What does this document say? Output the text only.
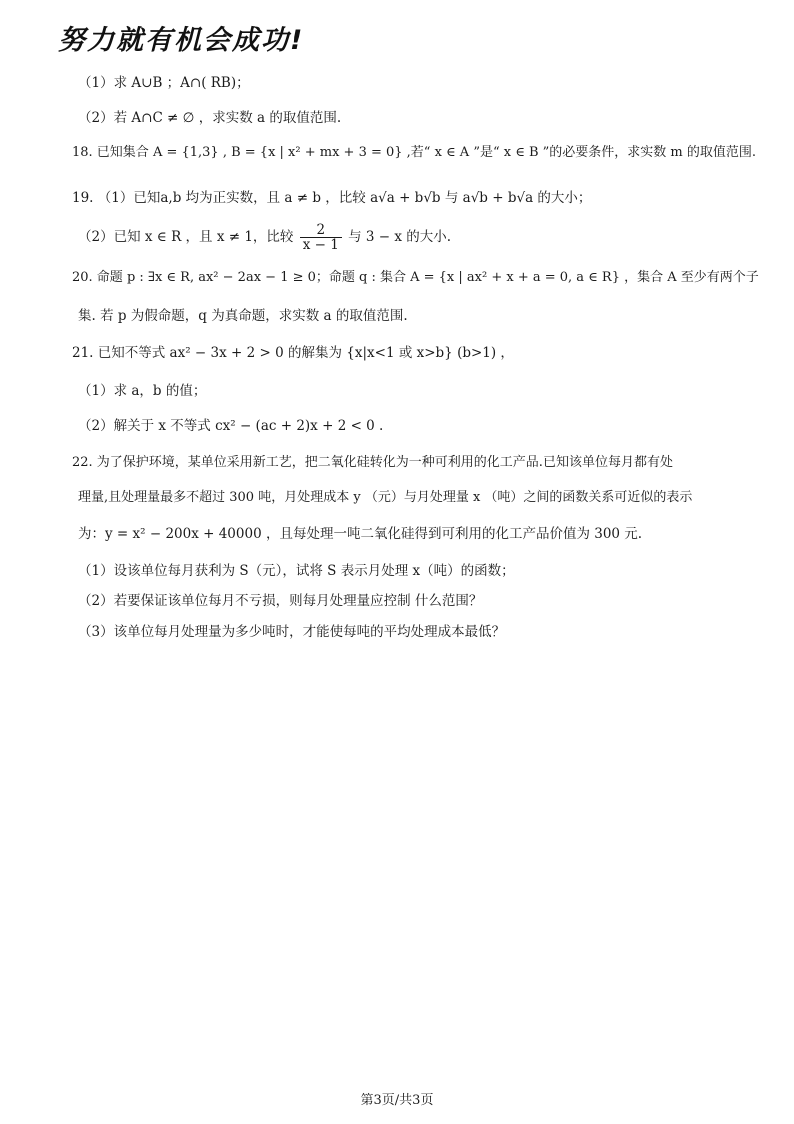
努力就有机会成功!
（1）求 A∪B ；A∩( RB)；
（2）若 A∩C ≠ ∅ ，求实数 a 的取值范围.
18. 已知集合 A = {1,3} , B = {x | x² + mx + 3 = 0} ,若“ x ∈ A ”是“ x ∈ B ”的必要条件，求实数 m 的取值范围.
19. （1）已知a,b 均为正实数，且 a ≠ b ，比较 a√a + b√b 与 a√b + b√a 的大小；
（2）已知 x ∈ R ，且 x ≠ 1，比较 $\frac{2}{x - 1}$ 与 3 − x 的大小.
20. 命题 p : ∃x ∈ R, ax² − 2ax − 1 ≥ 0；命题 q : 集合 A = {x | ax² + x + a = 0, a ∈ R} ，集合 A 至少有两个子
集. 若 p 为假命题，q 为真命题，求实数 a 的取值范围.
21. 已知不等式 ax² − 3x + 2 > 0 的解集为 {x|x<1 或 x>b} (b>1) ，
（1）求 a，b 的值；
（2）解关于 x 不等式 cx² − (ac + 2)x + 2 < 0 .
22. 为了保护环境，某单位采用新工艺，把二氧化硅转化为一种可利用的化工产品.已知该单位每月都有处
理量,且处理量最多不超过 300 吨，月处理成本 y （元）与月处理量 x （吨）之间的函数关系可近似的表示
为：y = x² − 200x + 40000 ，且每处理一吨二氧化硅得到可利用的化工产品价值为 300 元.
（1）设该单位每月获利为 S（元），试将 S 表示月处理 x（吨）的函数；
（2）若要保证该单位每月不亏损，则每月处理量应控制 什么范围？
（3）该单位每月处理量为多少吨时，才能使每吨的平均处理成本最低？
第3页/共3页
